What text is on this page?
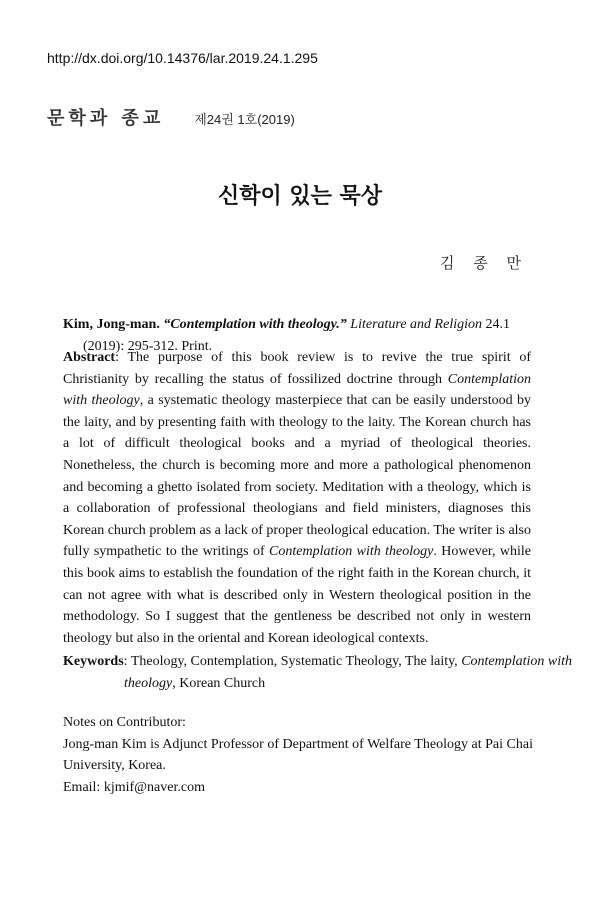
http://dx.doi.org/10.14376/lar.2019.24.1.295
문학과 종교 제24권 1호(2019)
신학이 있는 묵상
김 종 만

Kim, Jong-man. “Contemplation with theology.” Literature and Religion 24.1 (2019): 295-312. Print.

Abstract: The purpose of this book review is to revive the true spirit of Christianity by recalling the status of fossilized doctrine through Contemplation with theology, a systematic theology masterpiece that can be easily understood by the laity, and by presenting faith with theology to the laity. The Korean church has a lot of difficult theological books and a myriad of theological theories. Nonetheless, the church is becoming more and more a pathological phenomenon and becoming a ghetto isolated from society. Meditation with a theology, which is a collaboration of professional theologians and field ministers, diagnoses this Korean church problem as a lack of proper theological education. The writer is also fully sympathetic to the writings of Contemplation with theology. However, while this book aims to establish the foundation of the right faith in the Korean church, it can not agree with what is described only in Western theological position in the methodology. So I suggest that the gentleness be described not only in western theology but also in the oriental and Korean ideological contexts.

Keywords: Theology, Contemplation, Systematic Theology, The laity, Contemplation with theology, Korean Church

Notes on Contributor:

Jong-man Kim is Adjunct Professor of Department of Welfare Theology at Pai Chai University, Korea.

Email: kjmif@naver.com
